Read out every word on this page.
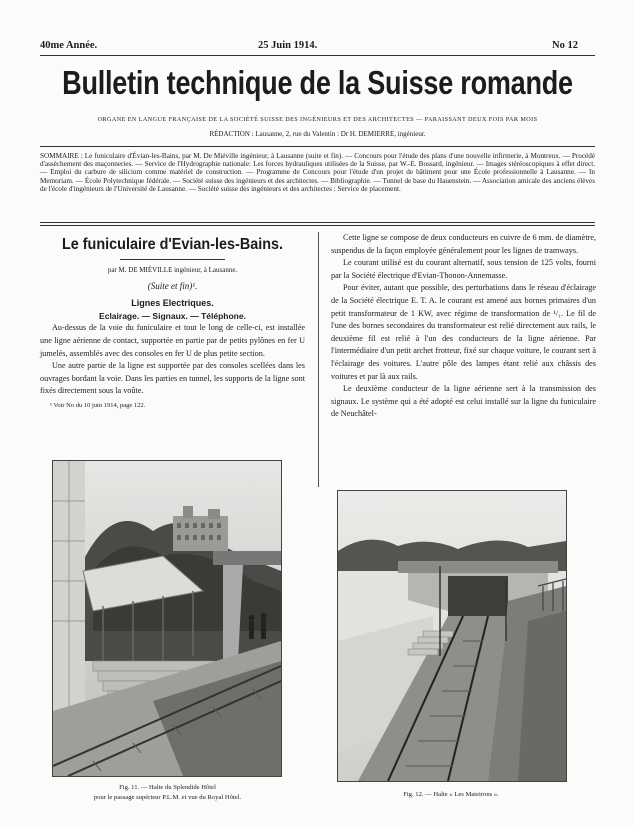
40me Année.	25 Juin 1914.	No 12
Bulletin technique de la Suisse romande
ORGANE EN LANGUE FRANÇAISE DE LA SOCIÉTÉ SUISSE DES INGÉNIEURS ET DES ARCHITECTES — PARAISSANT DEUX FOIS PAR MOIS
RÉDACTION : Lausanne, 2, rue du Valentin : Dr H. DEMIERRE, ingénieur.

SOMMAIRE : Le funiculaire d'Évian-les-Bains, par M. De Miéville ingénieur, à Lausanne (suite et fin). — Concours pour l'étude des plans d'une nouvelle infirmerie, à Montreux. — Procédé d'assèchement des maçonneries. — Service de l'Hydrographie nationale: Les forces hydrauliques utilisées de la Suisse, par W.-E. Bossard, ingénieur. — Images stéréoscopiques à effet direct. — Emploi du carbure de silicium comme matériel de construction. — Programme de Concours pour l'étude d'un projet de bâtiment pour une École professionnelle à Lausanne. — In Memoriam. — École Polytechnique fédérale. — Société suisse des ingénieurs et des architectes. — Bibliographie. — Tunnel de base du Hauenstein. — Association amicale des anciens élèves de l'école d'ingénieurs de l'Université de Lausanne. — Société suisse des ingénieurs et des architectes : Service de placement.

Le funiculaire d'Evian-les-Bains.
par M. DE MIÉVILLE ingénieur, à Lausanne.
(Suite et fin)¹.
Lignes Electriques.
Eclairage. — Signaux. — Téléphone.

Au-dessus de la voie du funiculaire et tout le long de celle-ci, est installée une ligne aérienne de contact, supportée en partie par de petits pylônes en fer U jumelés, assemblés avec des consoles en fer U de plus petite section.

Une autre partie de la ligne est supportée par des consoles scellées dans les ouvrages bordant la voie. Dans les parties en tunnel, les supports de la ligne sont fixés directement sous la voûte.

¹ Voir No du 10 juin 1914, page 122.

Cette ligne se compose de deux conducteurs en cuivre de 6 mm. de diamètre, suspendus de la façon employée généralement pour les lignes de tramways.

Le courant utilisé est du courant alternatif, sous tension de 125 volts, fourni par la Société électrique d'Evian-Thonon-Annemasse.

Pour éviter, autant que possible, des perturbations dans le réseau d'éclairage de la Société électrique E. T. A. le courant est amené aux bornes primaires d'un petit transformateur de 1 KW, avec régime de transformation de ¹/₁. Le fil de l'une des bornes secondaires du transformateur est relié directement aux rails, le deuxième fil est relié à l'un des conducteurs de la ligne aérienne. Par l'intermédiaire d'un petit archet frotteur, fixé sur chaque voiture, le courant sert à l'éclairage des voitures. L'autre pôle des lampes étant relié aux châssis des voitures et par là aux rails.

Le deuxième conducteur de la ligne aérienne sert à la transmission des signaux. Le système qui a été adopté est celui installé sur la ligne du funiculaire de Neuchâtel-

Fig. 11. — Halte du Splendide Hôtel
pour le passage supérieur P.L.M. et vue du Royal Hôtel.	Fig. 12. — Halte « Les Mateirons ».
